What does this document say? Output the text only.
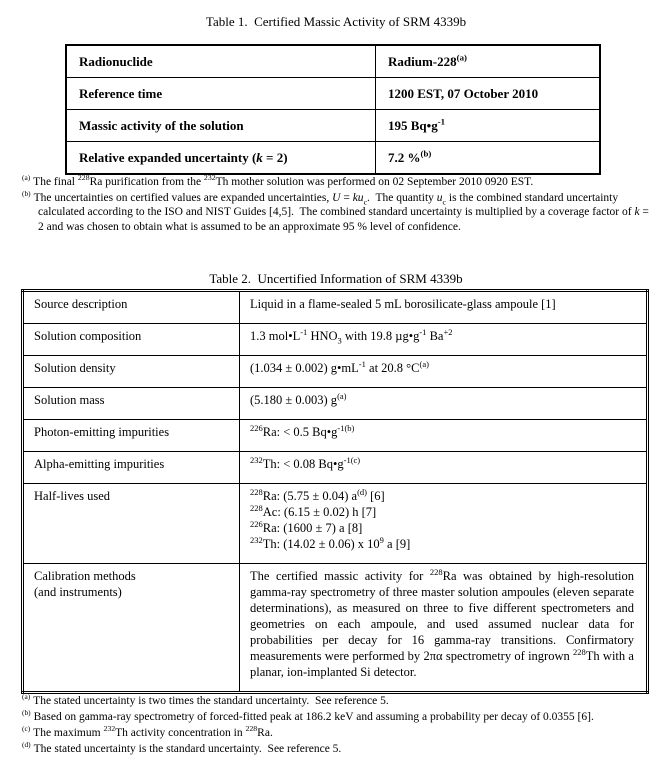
Table 1.  Certified Massic Activity of SRM 4339b
Radionuclide	Radium-228$^{(a)}$
Reference time	1200 EST, 07 October 2010
Massic activity of the solution	195 $Bq•g^{-1}$
Relative expanded uncertainty (k = 2)	7.2 %$^{(b)}$
$^{(a)}$ The final $^{228}$Ra purification from the $^{232}$Th mother solution was performed on 02 September 2010 0920 EST.
$^{(b)}$ The uncertainties on certified values are expanded uncertainties, $U = ku_c$.  The quantity $u_c$ is the combined standard uncertainty calculated according to the ISO and NIST Guides [4,5].  The combined standard uncertainty is multiplied by a coverage factor of k = 2 and was chosen to obtain what is assumed to be an approximate 95 % level of confidence.
Table 2.  Uncertified Information of SRM 4339b
Source description	Liquid in a flame-sealed 5 mL borosilicate-glass ampoule [1]
Solution composition	1.3 $mol•L^{-1}$ $HNO_3$ with 19.8 $\mu g•g^{-1}$ $Ba^{+2}$
Solution density	(1.034 ± 0.002) $g•mL^{-1}$ at 20.8 $^\circ C^{(a)}$
Solution mass	(5.180 ± 0.003) $g^{(a)}$
Photon-emitting impurities	$^{226}$Ra: < 0.5 $Bq•g^{-1(b)}$
Alpha-emitting impurities	$^{232}$Th: < 0.08 $Bq•g^{-1(c)}$
Half-lives used	$^{228}$Ra: (5.75 ± 0.04) $a^{(d)}$ [6]
$^{228}$Ac: (6.15 ± 0.02) h [7]
$^{226}$Ra: (1600 ± 7) a [8]
$^{232}$Th: (14.02 ± 0.06) x $10^9$ a [9]

Calibration methods
(and instruments)	The certified massic activity for $^{228}$Ra was obtained by high-resolution gamma-ray spectrometry of three master solution ampoules (eleven separate determinations), as measured on three to five different spectrometers and geometries on each ampoule, and used assumed nuclear data for probabilities per decay for 16 gamma-ray transitions. Confirmatory measurements were performed by 2πα spectrometry of ingrown $^{228}$Th with a planar, ion-implanted Si detector.
$^{(a)}$ The stated uncertainty is two times the standard uncertainty.  See reference 5.
$^{(b)}$ Based on gamma-ray spectrometry of forced-fitted peak at 186.2 keV and assuming a probability per decay of 0.0355 [6].
$^{(c)}$ The maximum $^{232}$Th activity concentration in $^{228}$Ra.
$^{(d)}$ The stated uncertainty is the standard uncertainty.  See reference 5.
